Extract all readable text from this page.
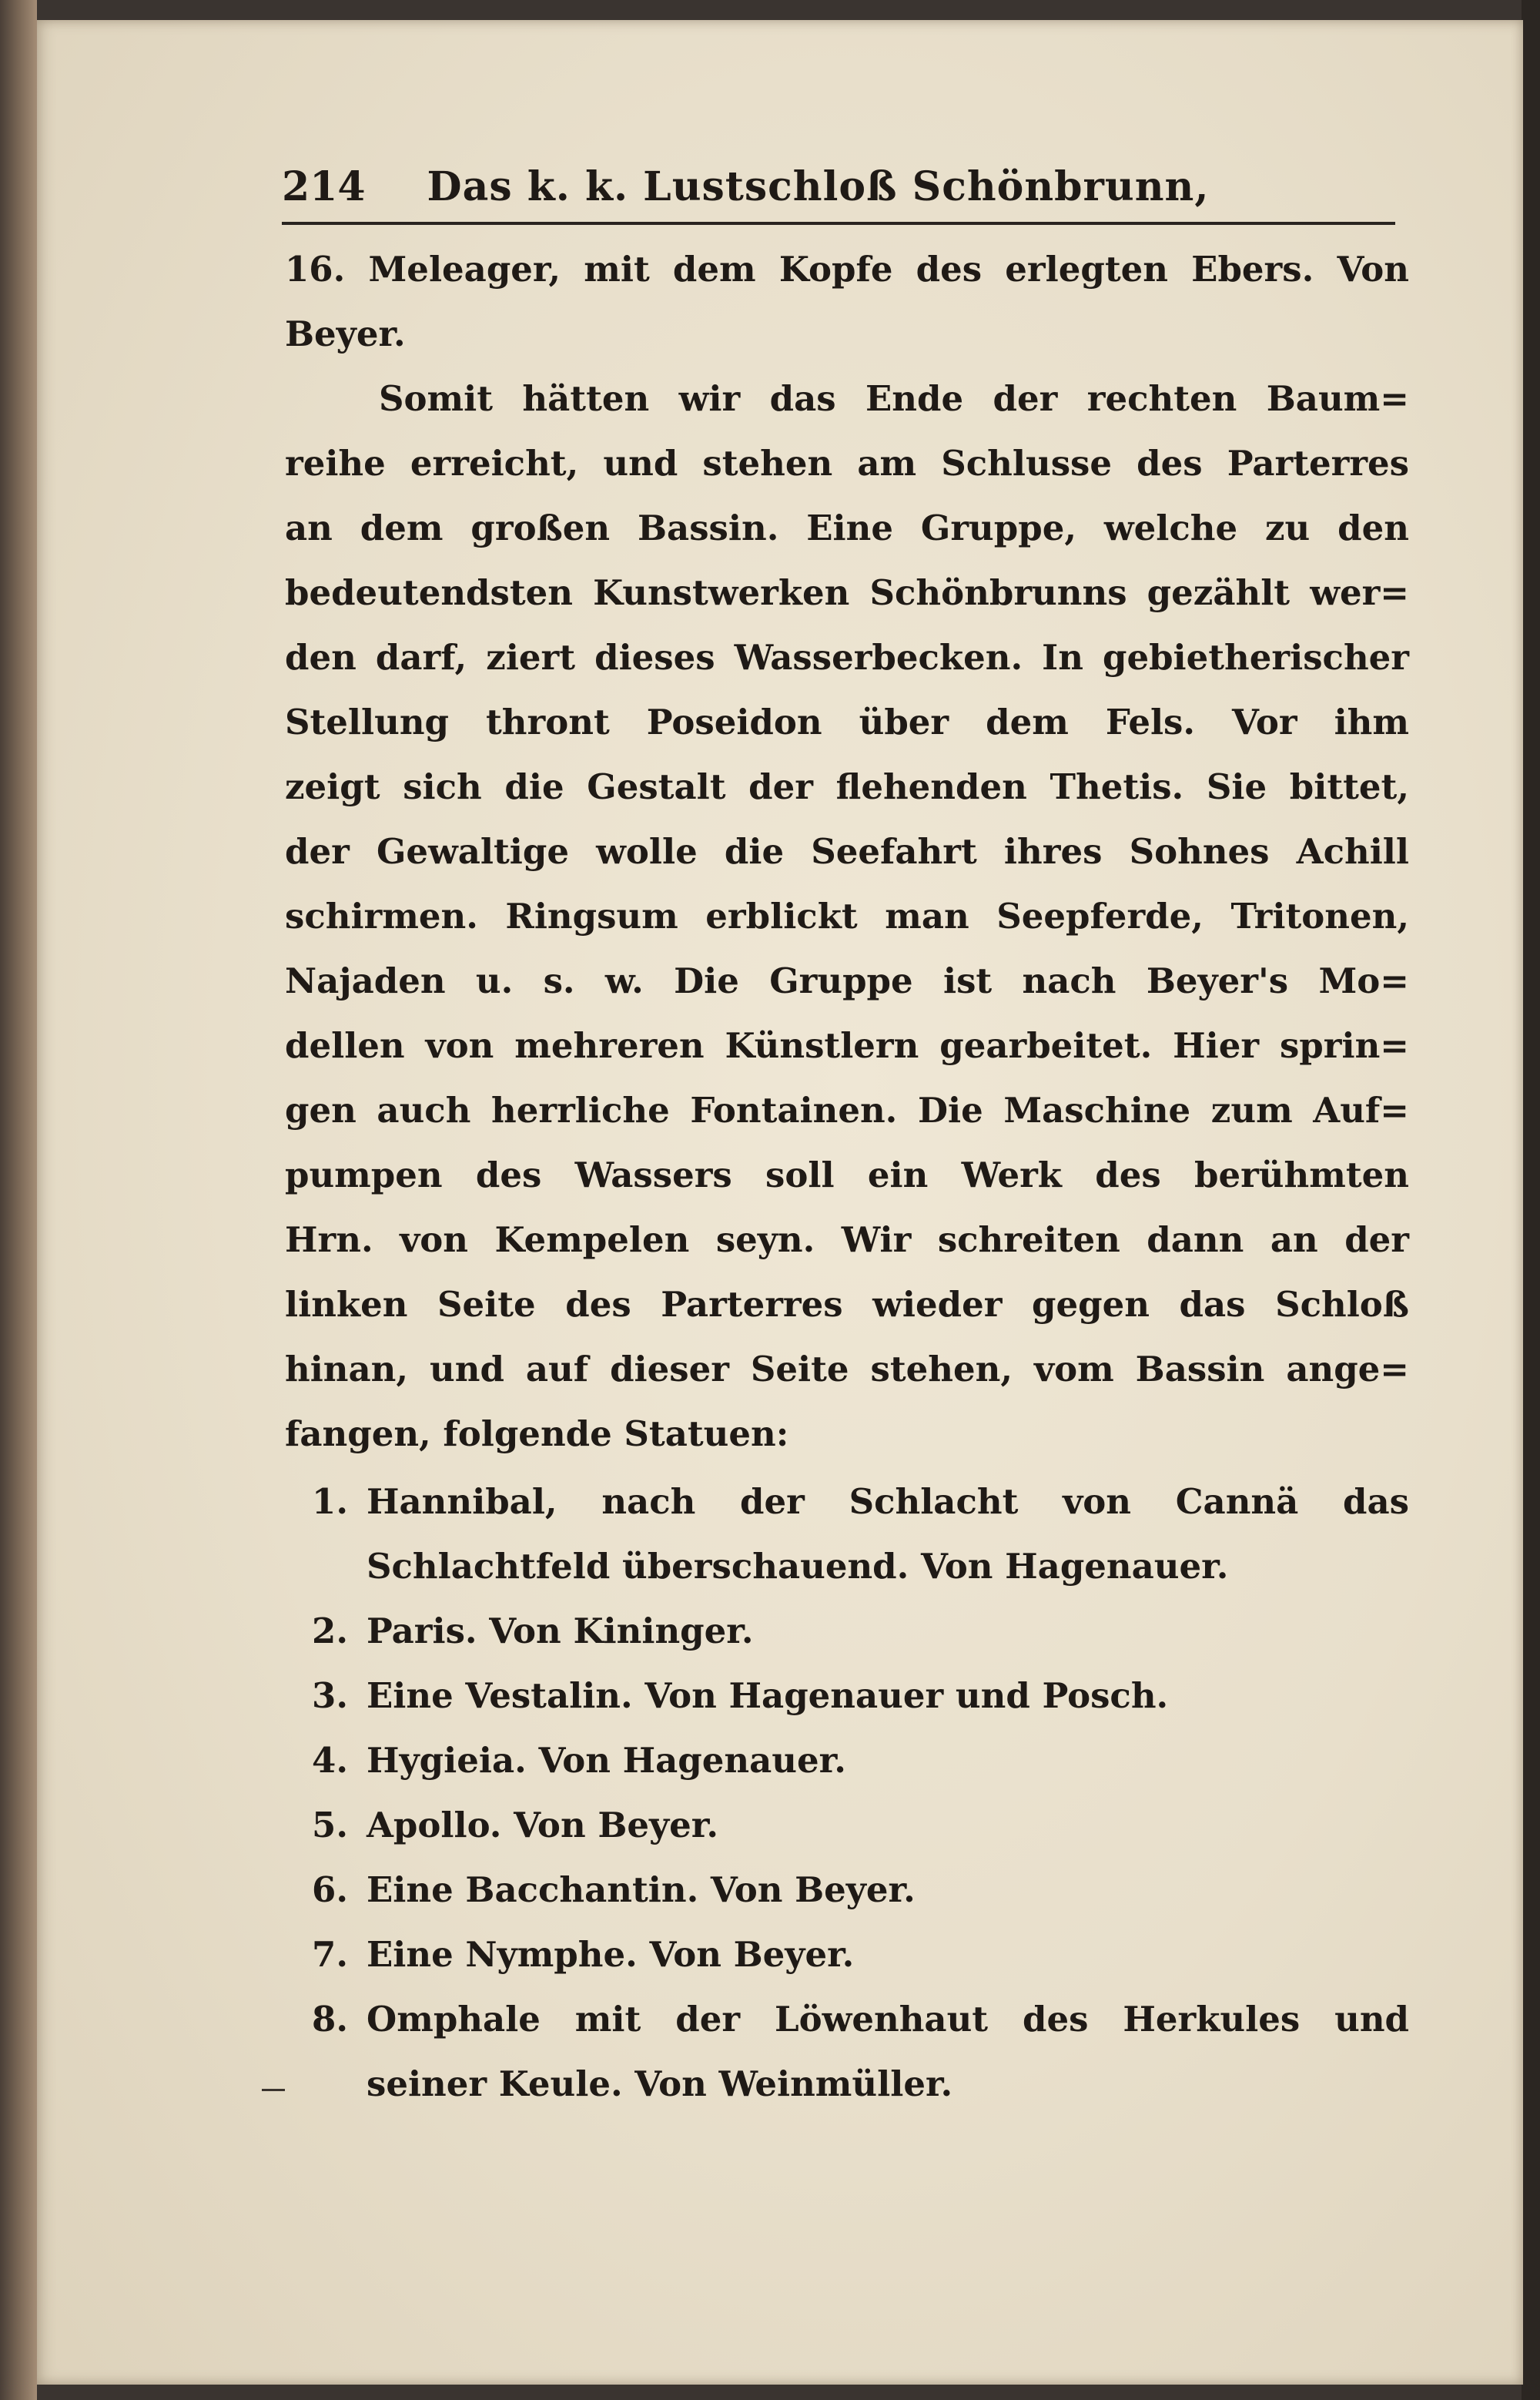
214 Das k. k. Lustschloß Schönbrunn,
16. Meleager, mit dem Kopfe des erlegten Ebers. Von
Beyer.
Somit hätten wir das Ende der rechten Baum=
reihe erreicht, und stehen am Schlusse des Parterres
an dem großen Bassin. Eine Gruppe, welche zu den
bedeutendsten Kunstwerken Schönbrunns gezählt wer=
den darf, ziert dieses Wasserbecken. In gebietherischer
Stellung thront Poseidon über dem Fels. Vor ihm
zeigt sich die Gestalt der flehenden Thetis. Sie bittet,
der Gewaltige wolle die Seefahrt ihres Sohnes Achill
schirmen. Ringsum erblickt man Seepferde, Tritonen,
Najaden u. s. w. Die Gruppe ist nach Beyer's Mo=
dellen von mehreren Künstlern gearbeitet. Hier sprin=
gen auch herrliche Fontainen. Die Maschine zum Auf=
pumpen des Wassers soll ein Werk des berühmten
Hrn. von Kempelen seyn. Wir schreiten dann an der
linken Seite des Parterres wieder gegen das Schloß
hinan, und auf dieser Seite stehen, vom Bassin ange=
fangen, folgende Statuen:
1. Hannibal, nach der Schlacht von Cannä das
Schlachtfeld überschauend. Von Hagenauer.
2. Paris. Von Kininger.
3. Eine Vestalin. Von Hagenauer und Posch.
4. Hygieia. Von Hagenauer.
5. Apollo. Von Beyer.
6. Eine Bacchantin. Von Beyer.
7. Eine Nymphe. Von Beyer.
8. Omphale mit der Löwenhaut des Herkules und
seiner Keule. Von Weinmüller.
